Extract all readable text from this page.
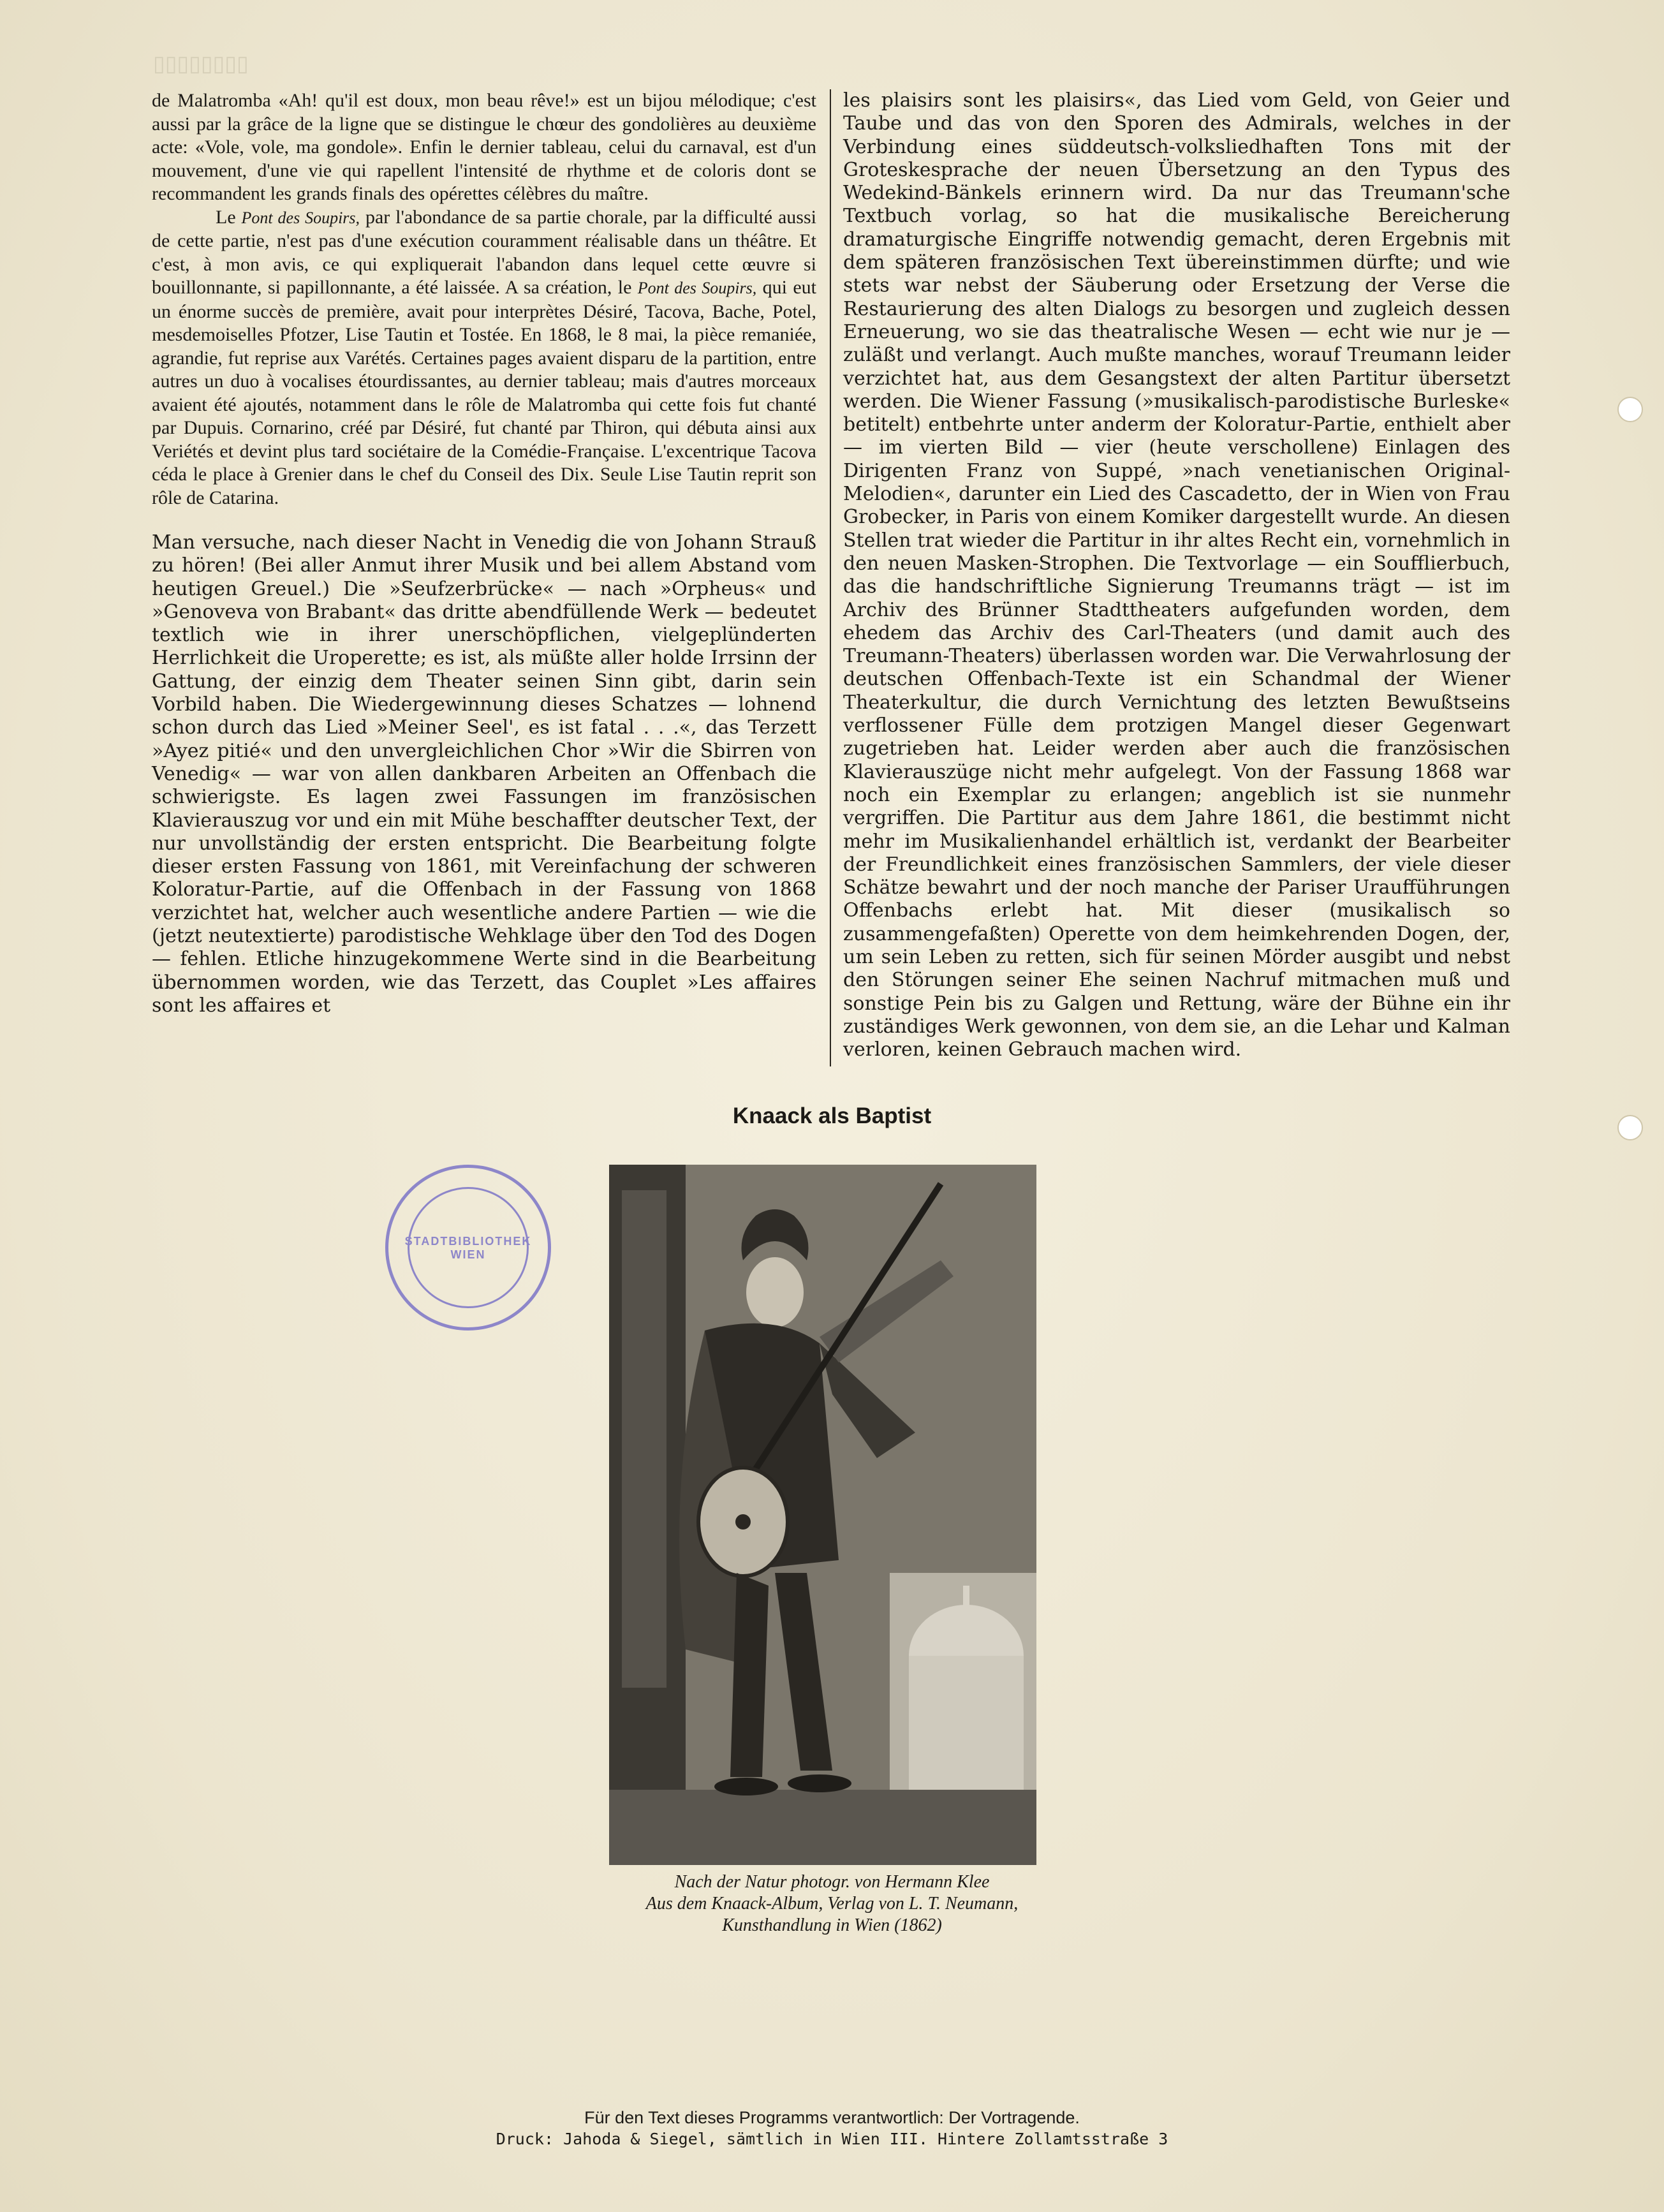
▯▯▯▯▯▯▯▯

de Malatromba «Ah! qu'il est doux, mon beau rêve!» est un bijou mélodique; c'est aussi par la grâce de la ligne que se distingue le chœur des gondolières au deuxième acte: «Vole, vole, ma gondole». Enfin le dernier tableau, celui du carnaval, est d'un mouvement, d'une vie qui rapellent l'intensité de rhythme et de coloris dont se recommandent les grands finals des opérettes célèbres du maître.

Le Pont des Soupirs, par l'abondance de sa partie chorale, par la difficulté aussi de cette partie, n'est pas d'une exécution couramment réalisable dans un théâtre. Et c'est, à mon avis, ce qui expliquerait l'abandon dans lequel cette œuvre si bouillonnante, si papillonnante, a été laissée. A sa création, le Pont des Soupirs, qui eut un énorme succès de première, avait pour interprètes Désiré, Tacova, Bache, Potel, mesdemoiselles Pfotzer, Lise Tautin et Tostée. En 1868, le 8 mai, la pièce remaniée, agrandie, fut reprise aux Varétés. Certaines pages avaient disparu de la partition, entre autres un duo à vocalises étourdissantes, au dernier tableau; mais d'autres morceaux avaient été ajoutés, notamment dans le rôle de Malatromba qui cette fois fut chanté par Dupuis. Cornarino, créé par Désiré, fut chanté par Thiron, qui débuta ainsi aux Veriétés et devint plus tard sociétaire de la Comédie-Française. L'excentrique Tacova céda le place à Grenier dans le chef du Conseil des Dix. Seule Lise Tautin reprit son rôle de Catarina.

Man versuche, nach dieser Nacht in Venedig die von Johann Strauß zu hören! (Bei aller Anmut ihrer Musik und bei allem Abstand vom heutigen Greuel.) Die »Seufzerbrücke« — nach »Orpheus« und »Genoveva von Brabant« das dritte abendfüllende Werk — bedeutet textlich wie in ihrer unerschöpflichen, vielgeplünderten Herrlichkeit die Uroperette; es ist, als müßte aller holde Irrsinn der Gattung, der einzig dem Theater seinen Sinn gibt, darin sein Vorbild haben. Die Wiedergewinnung dieses Schatzes — lohnend schon durch das Lied »Meiner Seel', es ist fatal . . .«, das Terzett »Ayez pitié« und den unvergleichlichen Chor »Wir die Sbirren von Venedig« — war von allen dankbaren Arbeiten an Offenbach die schwierigste. Es lagen zwei Fassungen im französischen Klavierauszug vor und ein mit Mühe beschaffter deutscher Text, der nur unvollständig der ersten entspricht. Die Bearbeitung folgte dieser ersten Fassung von 1861, mit Vereinfachung der schweren Koloratur-Partie, auf die Offenbach in der Fassung von 1868 verzichtet hat, welcher auch wesentliche andere Partien — wie die (jetzt neutextierte) parodistische Wehklage über den Tod des Dogen — fehlen. Etliche hinzugekommene Werte sind in die Bearbeitung übernommen worden, wie das Terzett, das Couplet »Les affaires sont les affaires et

les plaisirs sont les plaisirs«, das Lied vom Geld, von Geier und Taube und das von den Sporen des Admirals, welches in der Verbindung eines süddeutsch-volksliedhaften Tons mit der Groteskesprache der neuen Übersetzung an den Typus des Wedekind-Bänkels erinnern wird. Da nur das Treumann'sche Textbuch vorlag, so hat die musikalische Bereicherung dramaturgische Eingriffe notwendig gemacht, deren Ergebnis mit dem späteren französischen Text übereinstimmen dürfte; und wie stets war nebst der Säuberung oder Ersetzung der Verse die Restaurierung des alten Dialogs zu besorgen und zugleich dessen Erneuerung, wo sie das theatralische Wesen — echt wie nur je — zuläßt und verlangt. Auch mußte manches, worauf Treumann leider verzichtet hat, aus dem Gesangstext der alten Partitur übersetzt werden. Die Wiener Fassung (»musikalisch-parodistische Burleske« betitelt) entbehrte unter anderm der Koloratur-Partie, enthielt aber — im vierten Bild — vier (heute verschollene) Einlagen des Dirigenten Franz von Suppé, »nach venetianischen Original-Melodien«, darunter ein Lied des Cascadetto, der in Wien von Frau Grobecker, in Paris von einem Komiker dargestellt wurde. An diesen Stellen trat wieder die Partitur in ihr altes Recht ein, vornehmlich in den neuen Masken-Strophen. Die Textvorlage — ein Soufflierbuch, das die handschriftliche Signierung Treumanns trägt — ist im Archiv des Brünner Stadttheaters aufgefunden worden, dem ehedem das Archiv des Carl-Theaters (und damit auch des Treumann-Theaters) überlassen worden war. Die Verwahrlosung der deutschen Offenbach-Texte ist ein Schandmal der Wiener Theaterkultur, die durch Vernichtung des letzten Bewußtseins verflossener Fülle dem protzigen Mangel dieser Gegenwart zugetrieben hat. Leider werden aber auch die französischen Klavierauszüge nicht mehr aufgelegt. Von der Fassung 1868 war noch ein Exemplar zu erlangen; angeblich ist sie nunmehr vergriffen. Die Partitur aus dem Jahre 1861, die bestimmt nicht mehr im Musikalienhandel erhältlich ist, verdankt der Bearbeiter der Freundlichkeit eines französischen Sammlers, der viele dieser Schätze bewahrt und der noch manche der Pariser Uraufführungen Offenbachs erlebt hat. Mit dieser (musikalisch so zusammengefaßten) Operette von dem heimkehrenden Dogen, der, um sein Leben zu retten, sich für seinen Mörder ausgibt und nebst den Störungen seiner Ehe seinen Nachruf mitmachen muß und sonstige Pein bis zu Galgen und Rettung, wäre der Bühne ein ihr zuständiges Werk gewonnen, von dem sie, an die Lehar und Kalman verloren, keinen Gebrauch machen wird.

Knaack als Baptist
STADTBIBLIOTHEK WIEN
Nach der Natur photogr. von Hermann Klee
Aus dem Knaack-Album, Verlag von L. T. Neumann,
Kunsthandlung in Wien (1862)
Für den Text dieses Programms verantwortlich: Der Vortragende.
Druck: Jahoda & Siegel, sämtlich in Wien III. Hintere Zollamtsstraße 3
